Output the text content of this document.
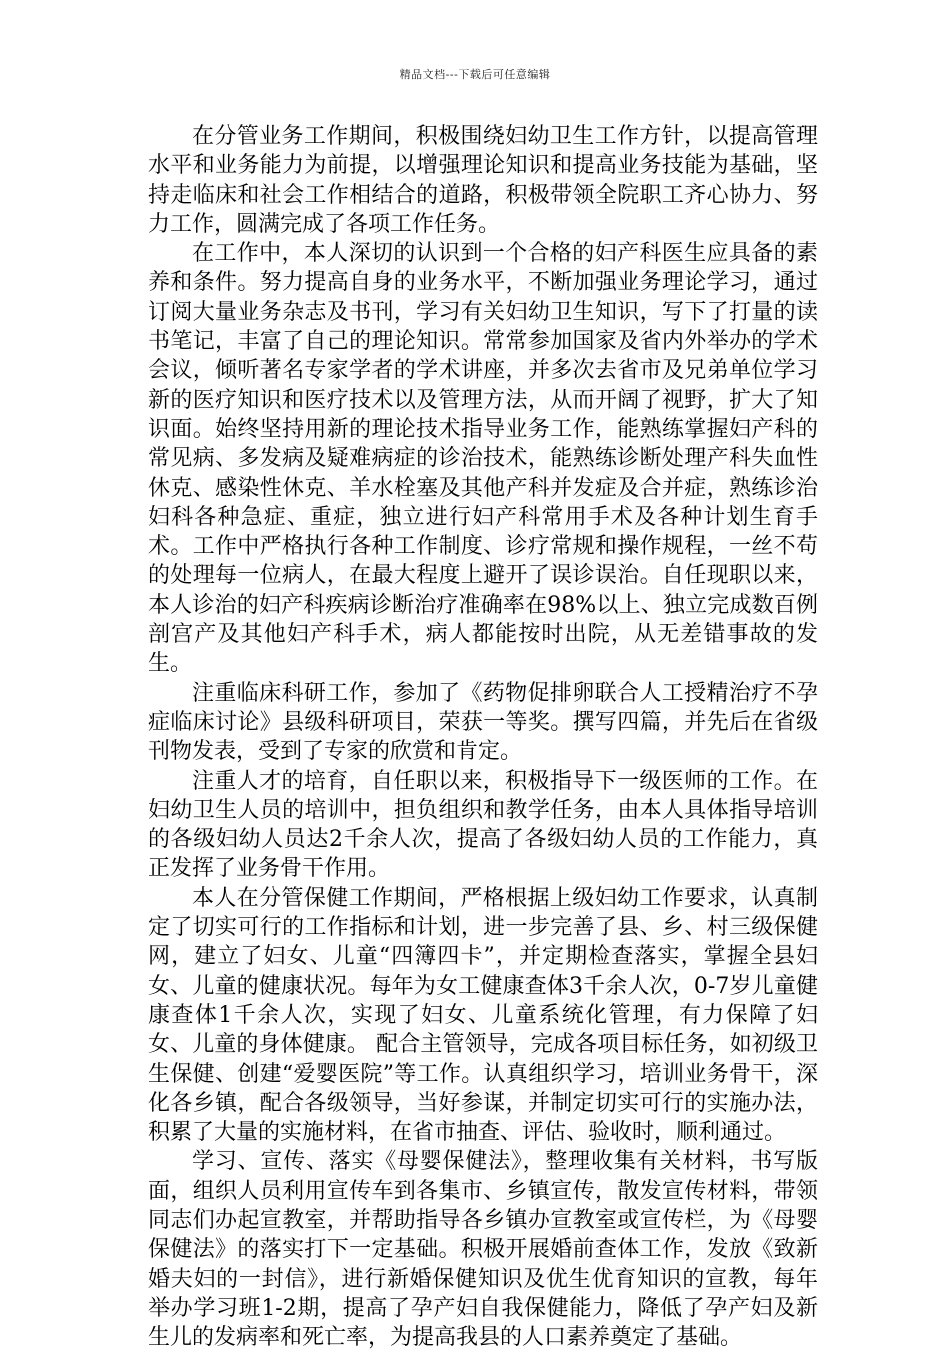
精品文档---下载后可任意编辑

在分管业务工作期间，积极围绕妇幼卫生工作方针，以提高管理水平和业务能力为前提，以增强理论知识和提高业务技能为基础，坚持走临床和社会工作相结合的道路，积极带领全院职工齐心协力、努力工作，圆满完成了各项工作任务。

在工作中，本人深切的认识到一个合格的妇产科医生应具备的素养和条件。努力提高自身的业务水平，不断加强业务理论学习，通过订阅大量业务杂志及书刊，学习有关妇幼卫生知识，写下了打量的读书笔记，丰富了自己的理论知识。常常参加国家及省内外举办的学术会议，倾听著名专家学者的学术讲座，并多次去省市及兄弟单位学习新的医疗知识和医疗技术以及管理方法，从而开阔了视野，扩大了知识面。始终坚持用新的理论技术指导业务工作，能熟练掌握妇产科的常见病、多发病及疑难病症的诊治技术，能熟练诊断处理产科失血性休克、感染性休克、羊水栓塞及其他产科并发症及合并症，熟练诊治妇科各种急症、重症，独立进行妇产科常用手术及各种计划生育手术。工作中严格执行各种工作制度、诊疗常规和操作规程，一丝不苟的处理每一位病人，在最大程度上避开了误诊误治。自任现职以来，本人诊治的妇产科疾病诊断治疗准确率在98%以上、独立完成数百例剖宫产及其他妇产科手术，病人都能按时出院，从无差错事故的发生。

注重临床科研工作，参加了《药物促排卵联合人工授精治疗不孕症临床讨论》县级科研项目，荣获一等奖。撰写四篇，并先后在省级刊物发表，受到了专家的欣赏和肯定。

注重人才的培育，自任职以来，积极指导下一级医师的工作。在妇幼卫生人员的培训中，担负组织和教学任务，由本人具体指导培训的各级妇幼人员达2千余人次，提高了各级妇幼人员的工作能力，真正发挥了业务骨干作用。

本人在分管保健工作期间，严格根据上级妇幼工作要求，认真制定了切实可行的工作指标和计划，进一步完善了县、乡、村三级保健网，建立了妇女、儿童“四簿四卡”，并定期检查落实，掌握全县妇女、儿童的健康状况。每年为女工健康查体3千余人次，0-7岁儿童健康查体1千余人次，实现了妇女、儿童系统化管理，有力保障了妇女、儿童的身体健康。 配合主管领导，完成各项目标任务，如初级卫生保健、创建“爱婴医院”等工作。认真组织学习，培训业务骨干，深化各乡镇，配合各级领导，当好参谋，并制定切实可行的实施办法，积累了大量的实施材料，在省市抽查、评估、验收时，顺利通过。

学习、宣传、落实《母婴保健法》，整理收集有关材料，书写版面，组织人员利用宣传车到各集市、乡镇宣传，散发宣传材料，带领同志们办起宣教室，并帮助指导各乡镇办宣教室或宣传栏，为《母婴保健法》的落实打下一定基础。积极开展婚前查体工作，发放《致新婚夫妇的一封信》，进行新婚保健知识及优生优育知识的宣教，每年举办学习班1-2期，提高了孕产妇自我保健能力，降低了孕产妇及新生儿的发病率和死亡率，为提高我县的人口素养奠定了基础。
